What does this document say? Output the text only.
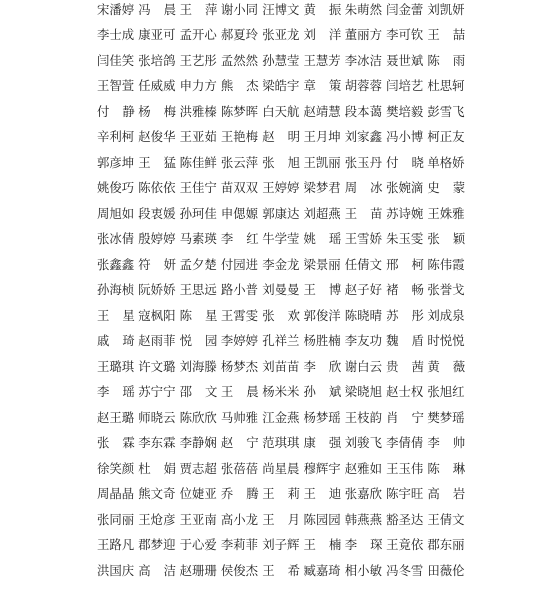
宋潘婷 冯晨
王萍
谢小同 汪博文 黄振
朱萌然 闫金蕾 刘凯妍
李士成 康亚可 孟开心 郝夏玲 张亚龙 刘洋
董丽方 李可钦 王喆
闫佳笑 张培鸽 王艺彤 孟然然 孙慧莹 王慧芳 李冰洁 聂世斌 陈雨
王智萱 任威威 申力方 熊杰
梁皓宇 章策
胡蓉蓉 闫培艺 杜思轲
付静
杨梅
洪雅榛 陈梦晖 白天航 赵靖慧 段本蔼 樊培毅 彭雪飞
辛利柯 赵俊华 王亚茹 王艳梅 赵明
王月坤 刘家鑫 冯小博 柯正友
郭彦坤 王猛
陈佳鲜 张云萍 张旭
王凯丽 张玉丹 付晓
单格娇
姚俊巧 陈依依 王佳宁 苗双双 王婷婷 梁梦君 周冰
张婉滴 史蒙
周旭如 段衷媛 孙珂佳 申偲嫄 郭康达 刘超燕 王苗
苏诗婉 王姝雅
张冰倩 殷婷婷 马素瑛 李红
牛学莹 姚瑶
王雪娇 朱玉雯 张颖
张鑫鑫 符妍
孟夕楚 付园进 李金龙 梁景丽 任倩文 邢柯
陈伟霞
孙海桢 阮娇娇 王思远 路小普 刘曼曼 王博
赵子好 褚畅
张誉戈
王星
寇枫阳 陈星
王霄雯 张欢
郭俊洋 陈晓晴 苏彤
刘成泉
戚琦
赵雨菲 悦园
李婷婷 孔祥兰 杨胜楠 李友功 魏盾
时悦悦
王璐琪 许文璐 刘海滕 杨梦杰 刘苗苗 李欣
谢白云 贵茜
黄薇
李瑶
苏宁宁 邵文
王晨
杨米米 孙斌
梁晓旭 赵士权 张旭红
赵王璐 师晓云 陈欣欣 马帅雅 江金燕 杨梦瑶 王枝韵 肖宁
樊梦瑶
张霖
李东霖 李静娴 赵宁
范琪琪 康强
刘骏飞 李倩倩 李帅
徐笑颜 杜娟
贾志超 张蓓蓓 尚星晨 穆辉宇 赵雅如 王玉伟 陈琳
周晶晶 熊文奇 位婕亚 乔腾
王莉
王迪
张嘉欣 陈宇旺 高岩
张同丽 王炝彦 王亚南 高小龙 王月
陈园园 韩燕燕 豁圣达 王倩文
王路凡 郡梦迎 于心爱 李莉菲 刘子辉 王楠
李琛
王竟依 郡东丽
洪国庆 高洁
赵珊珊 侯俊杰 王希
臧嘉琦 相小敏 冯冬雪 田薇伦
